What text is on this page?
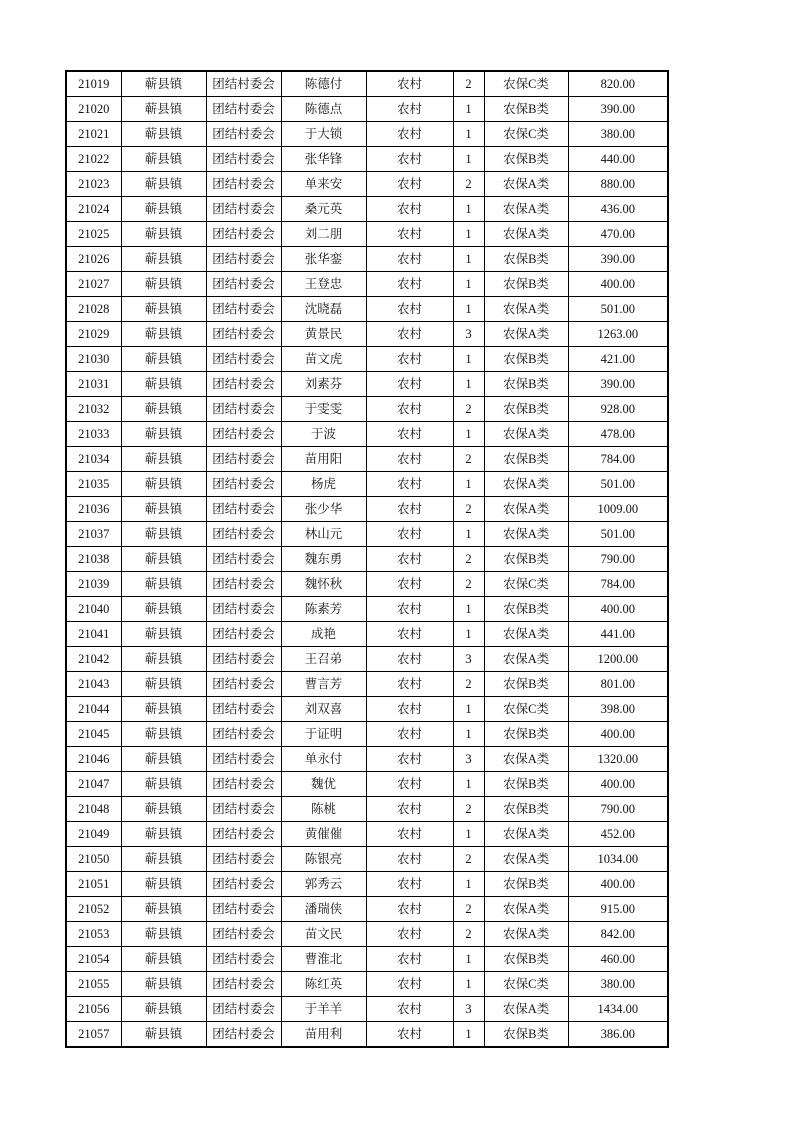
21019	蕲县镇	团结村委会	陈德付	农村	2	农保C类	820.00
21020	蕲县镇	团结村委会	陈德点	农村	1	农保B类	390.00
21021	蕲县镇	团结村委会	于大锁	农村	1	农保C类	380.00
21022	蕲县镇	团结村委会	张华锋	农村	1	农保B类	440.00
21023	蕲县镇	团结村委会	单来安	农村	2	农保A类	880.00
21024	蕲县镇	团结村委会	桑元英	农村	1	农保A类	436.00
21025	蕲县镇	团结村委会	刘二朋	农村	1	农保A类	470.00
21026	蕲县镇	团结村委会	张华銮	农村	1	农保B类	390.00
21027	蕲县镇	团结村委会	王登忠	农村	1	农保B类	400.00
21028	蕲县镇	团结村委会	沈晓磊	农村	1	农保A类	501.00
21029	蕲县镇	团结村委会	黄景民	农村	3	农保A类	1263.00
21030	蕲县镇	团结村委会	苗文虎	农村	1	农保B类	421.00
21031	蕲县镇	团结村委会	刘素芬	农村	1	农保B类	390.00
21032	蕲县镇	团结村委会	于雯雯	农村	2	农保B类	928.00
21033	蕲县镇	团结村委会	于波	农村	1	农保A类	478.00
21034	蕲县镇	团结村委会	苗用阳	农村	2	农保B类	784.00
21035	蕲县镇	团结村委会	杨虎	农村	1	农保A类	501.00
21036	蕲县镇	团结村委会	张少华	农村	2	农保A类	1009.00
21037	蕲县镇	团结村委会	林山元	农村	1	农保A类	501.00
21038	蕲县镇	团结村委会	魏东勇	农村	2	农保B类	790.00
21039	蕲县镇	团结村委会	魏怀秋	农村	2	农保C类	784.00
21040	蕲县镇	团结村委会	陈素芳	农村	1	农保B类	400.00
21041	蕲县镇	团结村委会	成艳	农村	1	农保A类	441.00
21042	蕲县镇	团结村委会	王召弟	农村	3	农保A类	1200.00
21043	蕲县镇	团结村委会	曹言芳	农村	2	农保B类	801.00
21044	蕲县镇	团结村委会	刘双喜	农村	1	农保C类	398.00
21045	蕲县镇	团结村委会	于证明	农村	1	农保B类	400.00
21046	蕲县镇	团结村委会	单永付	农村	3	农保A类	1320.00
21047	蕲县镇	团结村委会	魏优	农村	1	农保B类	400.00
21048	蕲县镇	团结村委会	陈桃	农村	2	农保B类	790.00
21049	蕲县镇	团结村委会	黄催催	农村	1	农保A类	452.00
21050	蕲县镇	团结村委会	陈银亮	农村	2	农保A类	1034.00
21051	蕲县镇	团结村委会	郭秀云	农村	1	农保B类	400.00
21052	蕲县镇	团结村委会	潘瑞侠	农村	2	农保A类	915.00
21053	蕲县镇	团结村委会	苗文民	农村	2	农保A类	842.00
21054	蕲县镇	团结村委会	曹淮北	农村	1	农保B类	460.00
21055	蕲县镇	团结村委会	陈红英	农村	1	农保C类	380.00
21056	蕲县镇	团结村委会	于羊羊	农村	3	农保A类	1434.00
21057	蕲县镇	团结村委会	苗用利	农村	1	农保B类	386.00
